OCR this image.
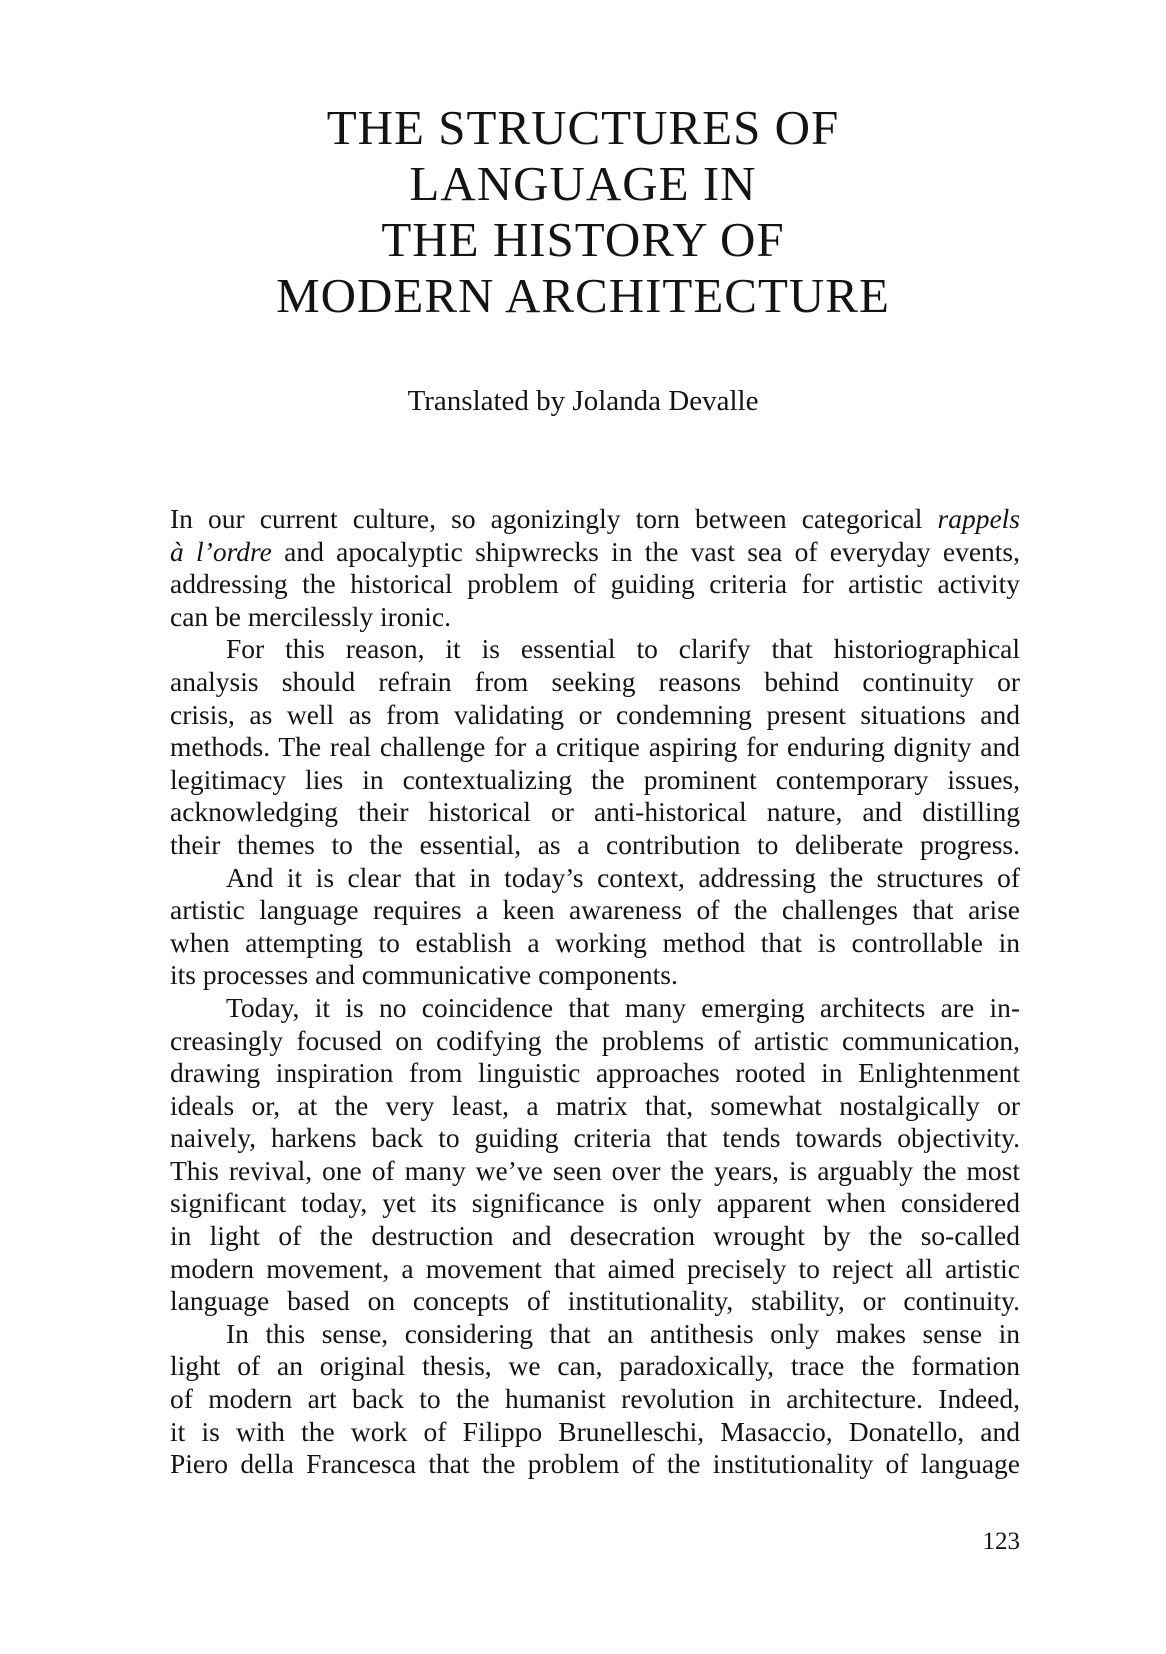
THE STRUCTURES OF
LANGUAGE IN
THE HISTORY OF
MODERN ARCHITECTURE

Translated by Jolanda Devalle

In our current culture, so agonizingly torn between categorical rappels
à l’ordre and apocalyptic shipwrecks in the vast sea of everyday events,
addressing the historical problem of guiding criteria for artistic activity
can be mercilessly ironic.
For this reason, it is essential to clarify that historiographical
analysis should refrain from seeking reasons behind continuity or
crisis, as well as from validating or condemning present situations and
methods. The real challenge for a critique aspiring for enduring dignity and
legitimacy lies in contextualizing the prominent contemporary issues,
acknowledging their historical or anti-historical nature, and distilling
their themes to the essential, as a contribution to deliberate progress.
And it is clear that in today’s context, addressing the structures of
artistic language requires a keen awareness of the challenges that arise
when attempting to establish a working method that is controllable in
its processes and communicative components.
Today, it is no coincidence that many emerging architects are in-
creasingly focused on codifying the problems of artistic communication,
drawing inspiration from linguistic approaches rooted in Enlightenment
ideals or, at the very least, a matrix that, somewhat nostalgically or
naively, harkens back to guiding criteria that tends towards objectivity.
This revival, one of many we’ve seen over the years, is arguably the most
significant today, yet its significance is only apparent when considered
in light of the destruction and desecration wrought by the so-called
modern movement, a movement that aimed precisely to reject all artistic
language based on concepts of institutionality, stability, or continuity.
In this sense, considering that an antithesis only makes sense in
light of an original thesis, we can, paradoxically, trace the formation
of modern art back to the humanist revolution in architecture. Indeed,
it is with the work of Filippo Brunelleschi, Masaccio, Donatello, and
Piero della Francesca that the problem of the institutionality of language

123
